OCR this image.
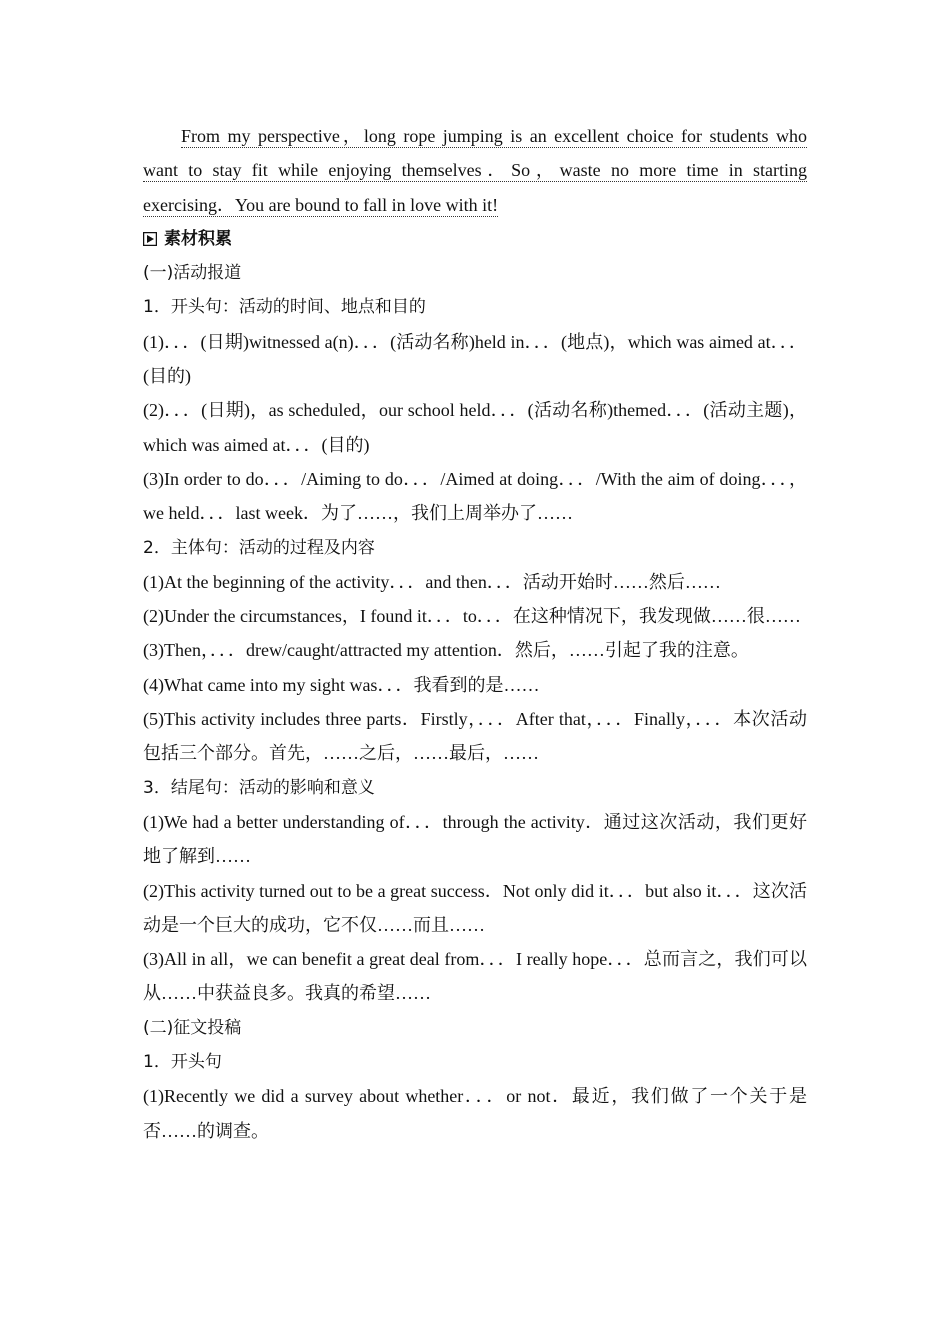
From my perspective，long rope jumping is an excellent choice for students who want to stay fit while enjoying themselves．So，waste no more time in starting exercising．You are bound to fall in love with it!

素材积累

(一)活动报道

1．开头句：活动的时间、地点和目的

(1)．．．(日期)witnessed a(n)．．．(活动名称)held in．．．(地点)，which was aimed at．．．(目的)

(2)．．．(日期)，as scheduled，our school held．．．(活动名称)themed．．．(活动主题)，which was aimed at．．．(目的)

(3)In order to do．．．/Aiming to do．．．/Aimed at doing．．．/With the aim of doing．．．，we held．．．last week．为了……，我们上周举办了……

2．主体句：活动的过程及内容

(1)At the beginning of the activity．．．and then．．．活动开始时……然后……

(2)Under the circumstances，I found it．．．to．．．在这种情况下，我发现做……很……

(3)Then，．．．drew/caught/attracted my attention．然后，……引起了我的注意。

(4)What came into my sight was．．．我看到的是……

(5)This activity includes three parts．Firstly，．．．After that，．．．Finally，．．．本次活动包括三个部分。首先，……之后，……最后，……

3．结尾句：活动的影响和意义

(1)We had a better understanding of．．．through the activity．通过这次活动，我们更好地了解到……

(2)This activity turned out to be a great success．Not only did it．．．but also it．．．这次活动是一个巨大的成功，它不仅……而且……

(3)All in all，we can benefit a great deal from．．．I really hope．．．总而言之，我们可以从……中获益良多。我真的希望……

(二)征文投稿

1．开头句

(1)Recently we did a survey about whether．．．or not．最近，我们做了一个关于是否……的调查。
